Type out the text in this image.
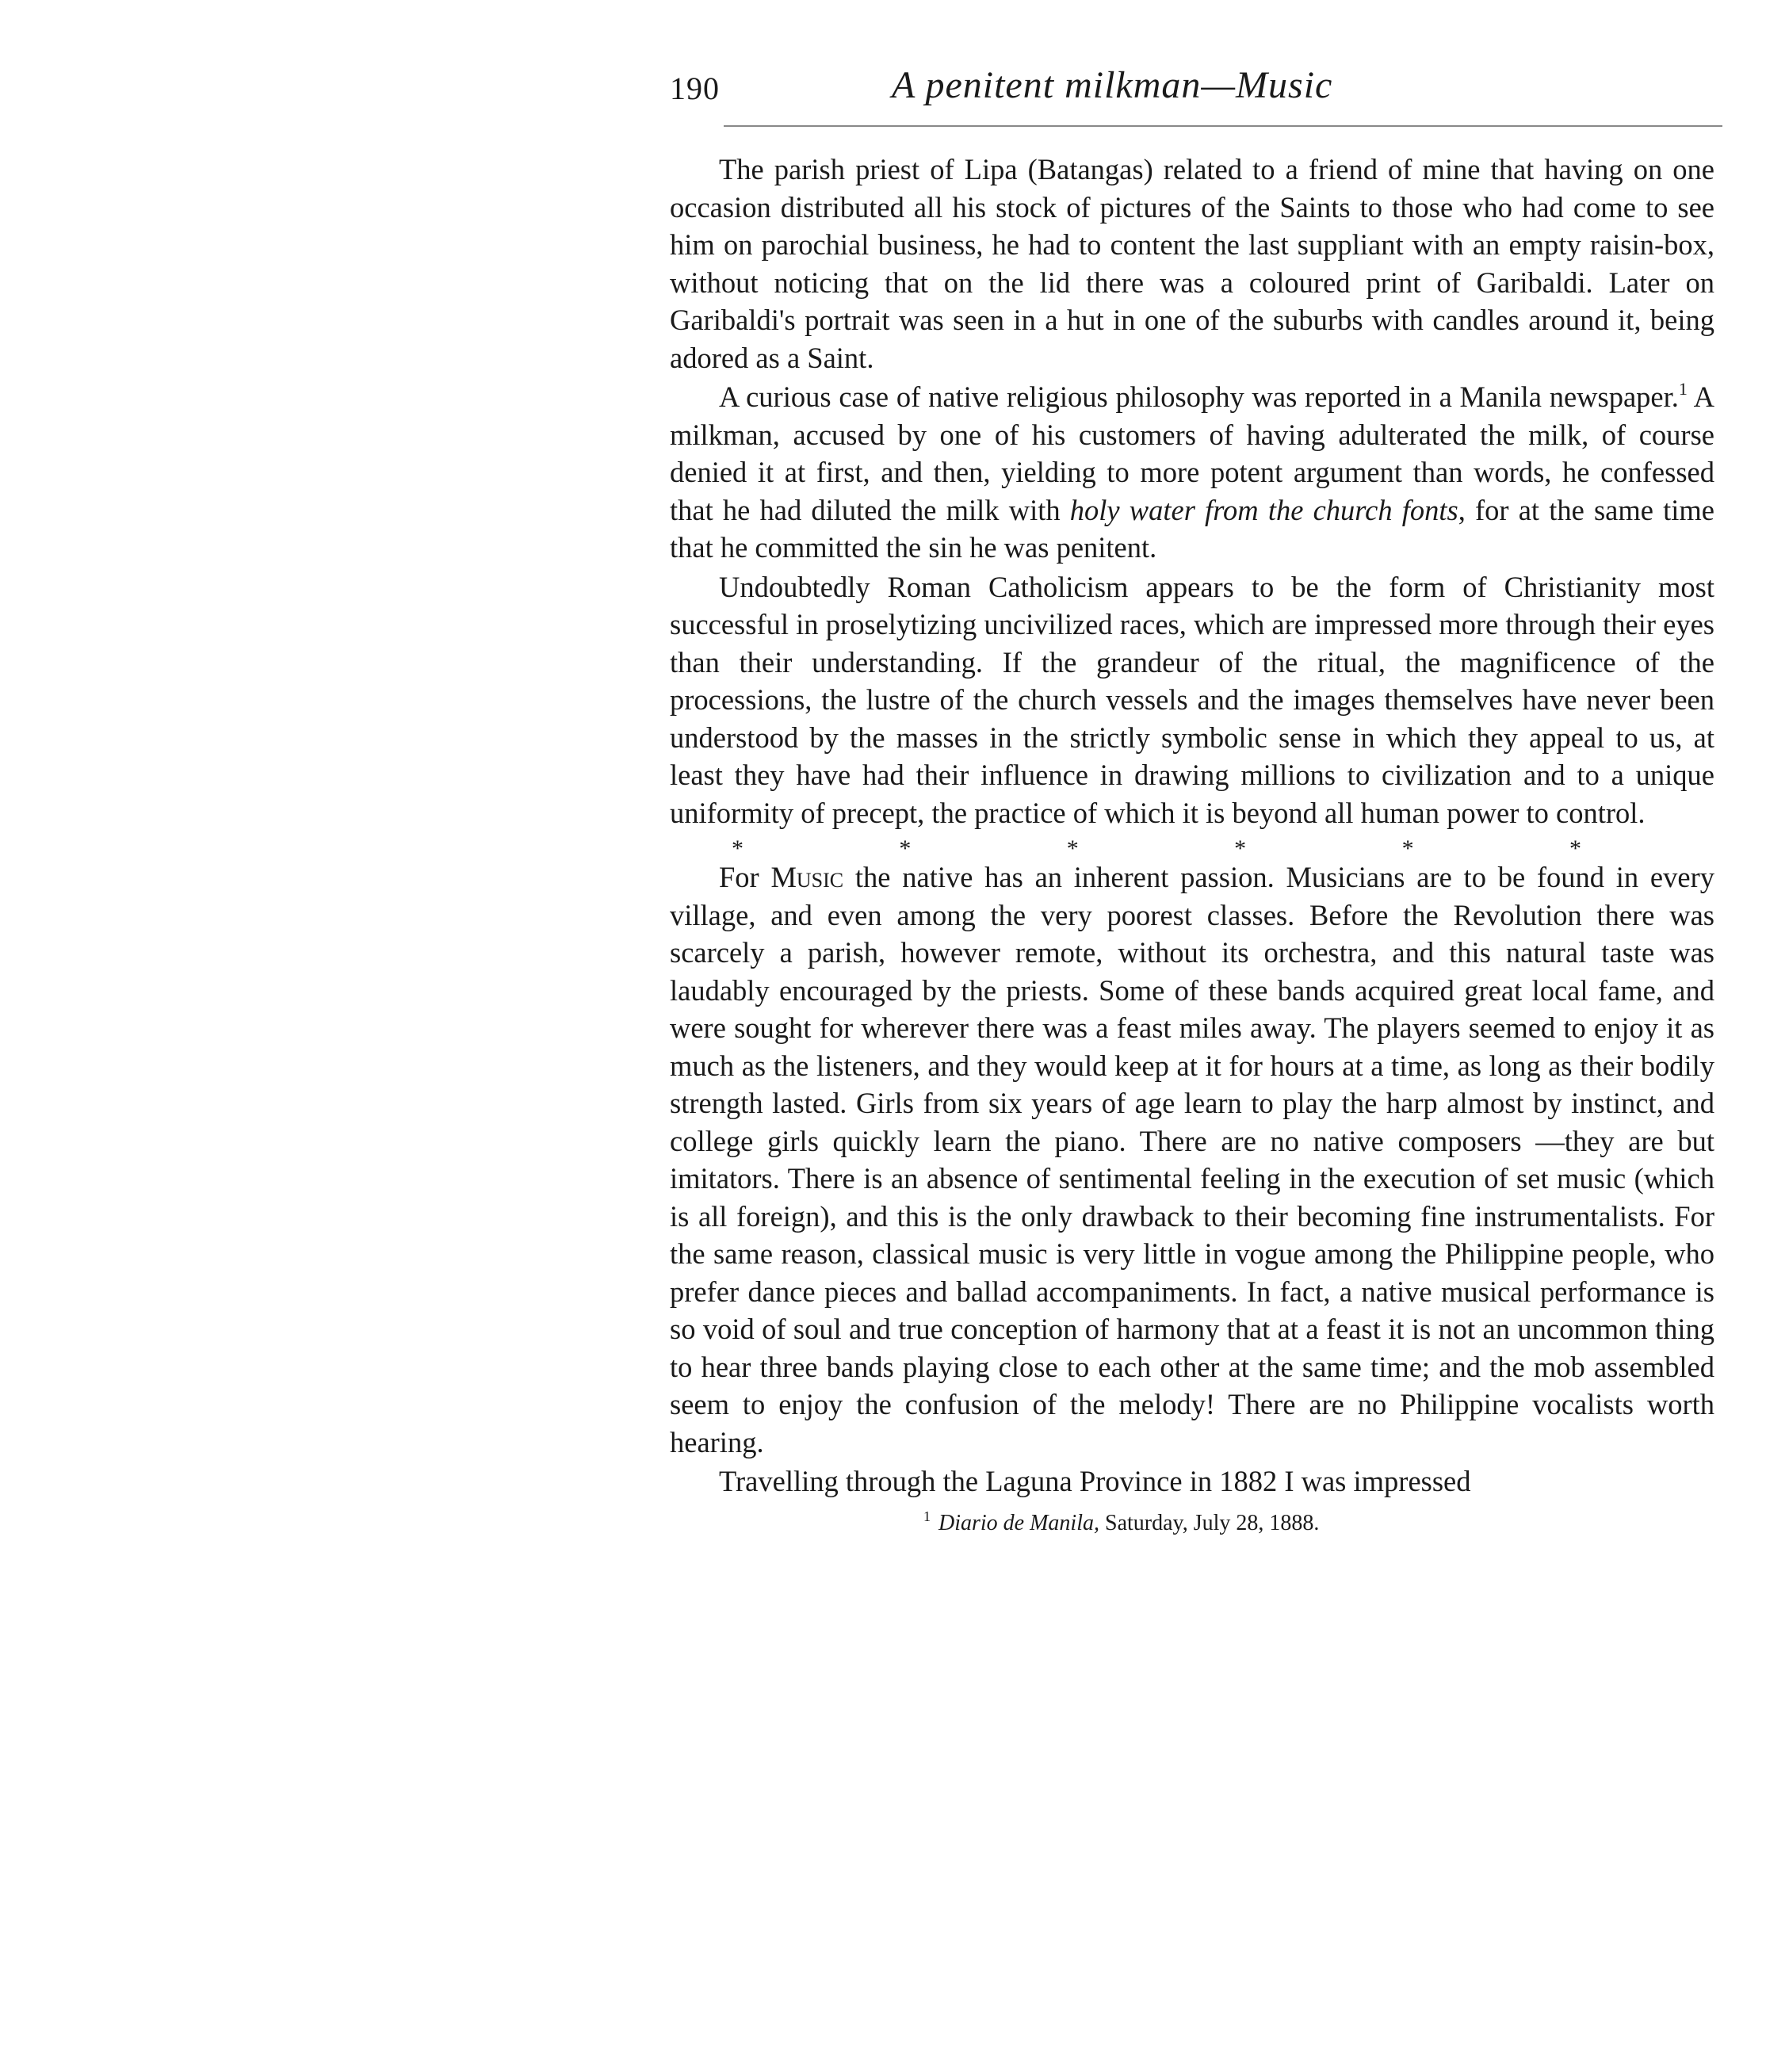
190	A penitent milkman—Music

The parish priest of Lipa (Batangas) related to a friend of mine that having on one occasion distributed all his stock of pictures of the Saints to those who had come to see him on parochial business, he had to content the last suppliant with an empty raisin-box, without noticing that on the lid there was a coloured print of Garibaldi. Later on Garibaldi's portrait was seen in a hut in one of the suburbs with candles around it, being adored as a Saint.

A curious case of native religious philosophy was reported in a Manila newspaper.$^1$ A milkman, accused by one of his customers of having adulterated the milk, of course denied it at first, and then, yielding to more potent argument than words, he confessed that he had diluted the milk with holy water from the church fonts, for at the same time that he committed the sin he was penitent.

Undoubtedly Roman Catholicism appears to be the form of Christianity most successful in proselytizing uncivilized races, which are impressed more through their eyes than their understanding. If the grandeur of the ritual, the magnificence of the processions, the lustre of the church vessels and the images themselves have never been understood by the masses in the strictly symbolic sense in which they appeal to us, at least they have had their influence in drawing millions to civilization and to a unique uniformity of precept, the practice of which it is beyond all human power to control.

*	*	*	*	*	*

For Music the native has an inherent passion. Musicians are to be found in every village, and even among the very poorest classes. Before the Revolution there was scarcely a parish, however remote, without its orchestra, and this natural taste was laudably encouraged by the priests. Some of these bands acquired great local fame, and were sought for wherever there was a feast miles away. The players seemed to enjoy it as much as the listeners, and they would keep at it for hours at a time, as long as their bodily strength lasted. Girls from six years of age learn to play the harp almost by instinct, and college girls quickly learn the piano. There are no native composers —they are but imitators. There is an absence of sentimental feeling in the execution of set music (which is all foreign), and this is the only drawback to their becoming fine instrumentalists. For the same reason, classical music is very little in vogue among the Philippine people, who prefer dance pieces and ballad accompaniments. In fact, a native musical performance is so void of soul and true conception of harmony that at a feast it is not an uncommon thing to hear three bands playing close to each other at the same time; and the mob assembled seem to enjoy the confusion of the melody! There are no Philippine vocalists worth hearing.

Travelling through the Laguna Province in 1882 I was impressed

$^1$ Diario de Manila, Saturday, July 28, 1888.
